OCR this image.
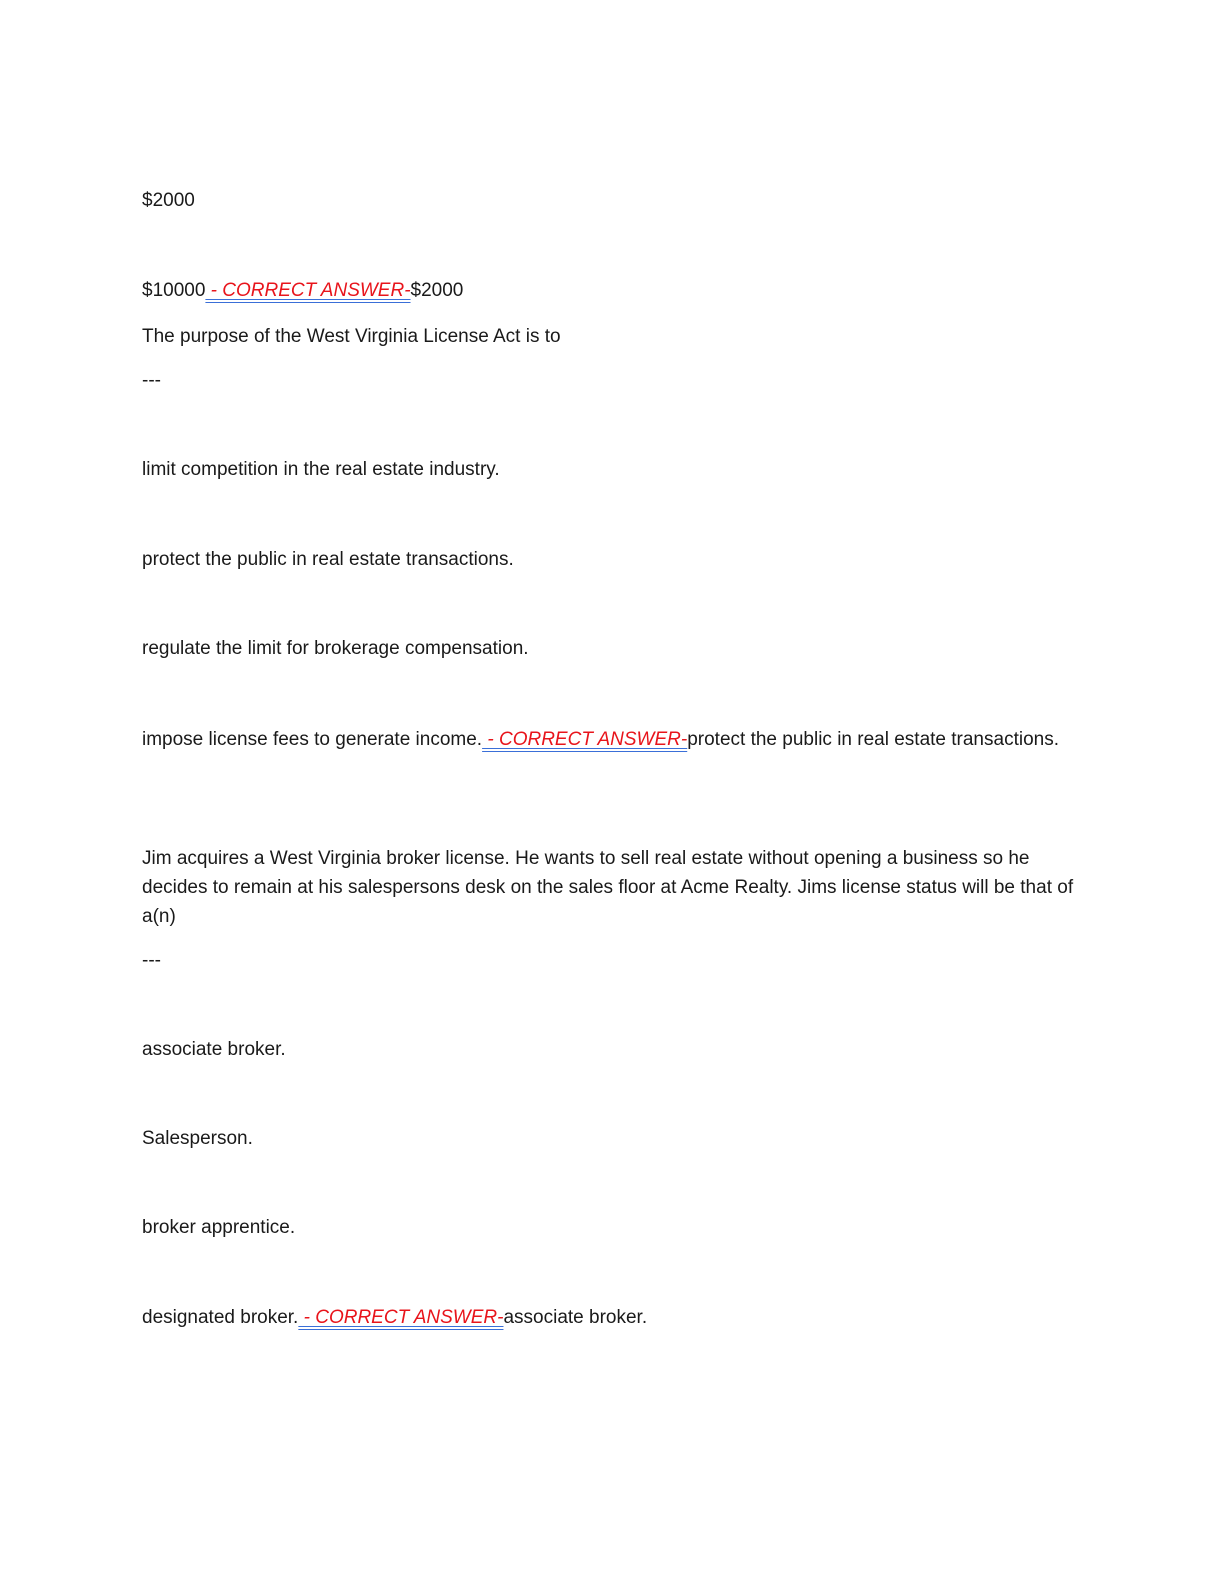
$2000
$10000 - CORRECT ANSWER-$2000
The purpose of the West Virginia License Act is to
---
limit competition in the real estate industry.
protect the public in real estate transactions.
regulate the limit for brokerage compensation.
impose license fees to generate income. - CORRECT ANSWER-protect the public in real estate transactions.
Jim acquires a West Virginia broker license. He wants to sell real estate without opening a business so he decides to remain at his salespersons desk on the sales floor at Acme Realty. Jims license status will be that of a(n)
---
associate broker.
Salesperson.
broker apprentice.
designated broker. - CORRECT ANSWER-associate broker.
